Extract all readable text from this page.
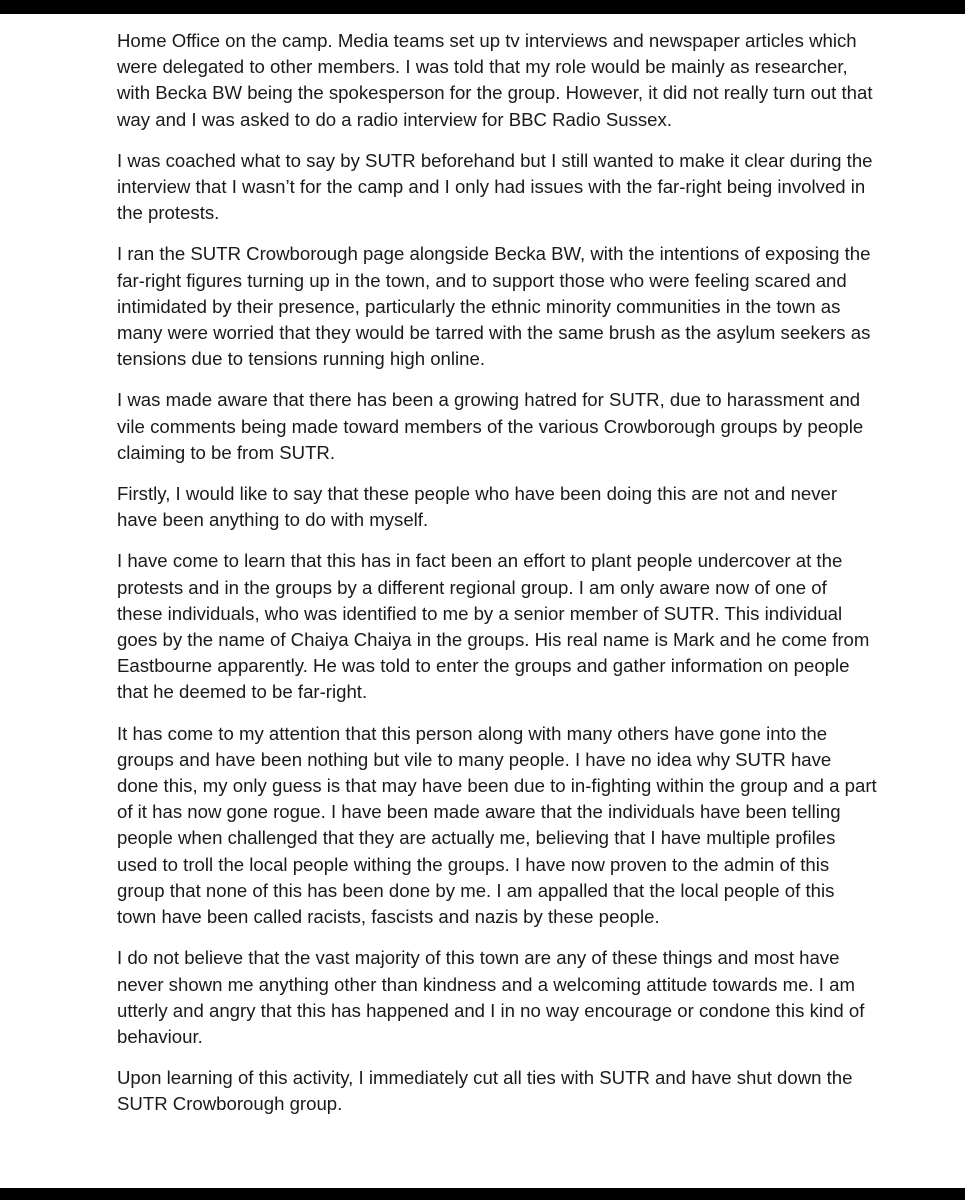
Home Office on the camp. Media teams set up tv interviews and newspaper articles which were delegated to other members. I was told that my role would be mainly as researcher, with Becka BW being the spokesperson for the group. However, it did not really turn out that way and I was asked to do a radio interview for BBC Radio Sussex.

I was coached what to say by SUTR beforehand but I still wanted to make it clear during the interview that I wasn’t for the camp and I only had issues with the far-right being involved in the protests.

I ran the SUTR Crowborough page alongside Becka BW, with the intentions of exposing the far-right figures turning up in the town, and to support those who were feeling scared and intimidated by their presence, particularly the ethnic minority communities in the town as many were worried that they would be tarred with the same brush as the asylum seekers as tensions due to tensions running high online.

I was made aware that there has been a growing hatred for SUTR, due to harassment and vile comments being made toward members of the various Crowborough groups by people claiming to be from SUTR.

Firstly, I would like to say that these people who have been doing this are not and never have been anything to do with myself.

I have come to learn that this has in fact been an effort to plant people undercover at the protests and in the groups by a different regional group. I am only aware now of one of these individuals, who was identified to me by a senior member of SUTR. This individual goes by the name of Chaiya Chaiya in the groups. His real name is Mark and he come from Eastbourne apparently. He was told to enter the groups and gather information on people that he deemed to be far-right.

It has come to my attention that this person along with many others have gone into the groups and have been nothing but vile to many people. I have no idea why SUTR have done this, my only guess is that may have been due to in-fighting within the group and a part of it has now gone rogue. I have been made aware that the individuals have been telling people when challenged that they are actually me, believing that I have multiple profiles used to troll the local people withing the groups. I have now proven to the admin of this group that none of this has been done by me. I am appalled that the local people of this town have been called racists, fascists and nazis by these people.

I do not believe that the vast majority of this town are any of these things and most have never shown me anything other than kindness and a welcoming attitude towards me. I am utterly and angry that this has happened and I in no way encourage or condone this kind of behaviour.

Upon learning of this activity, I immediately cut all ties with SUTR and have shut down the SUTR Crowborough group.
